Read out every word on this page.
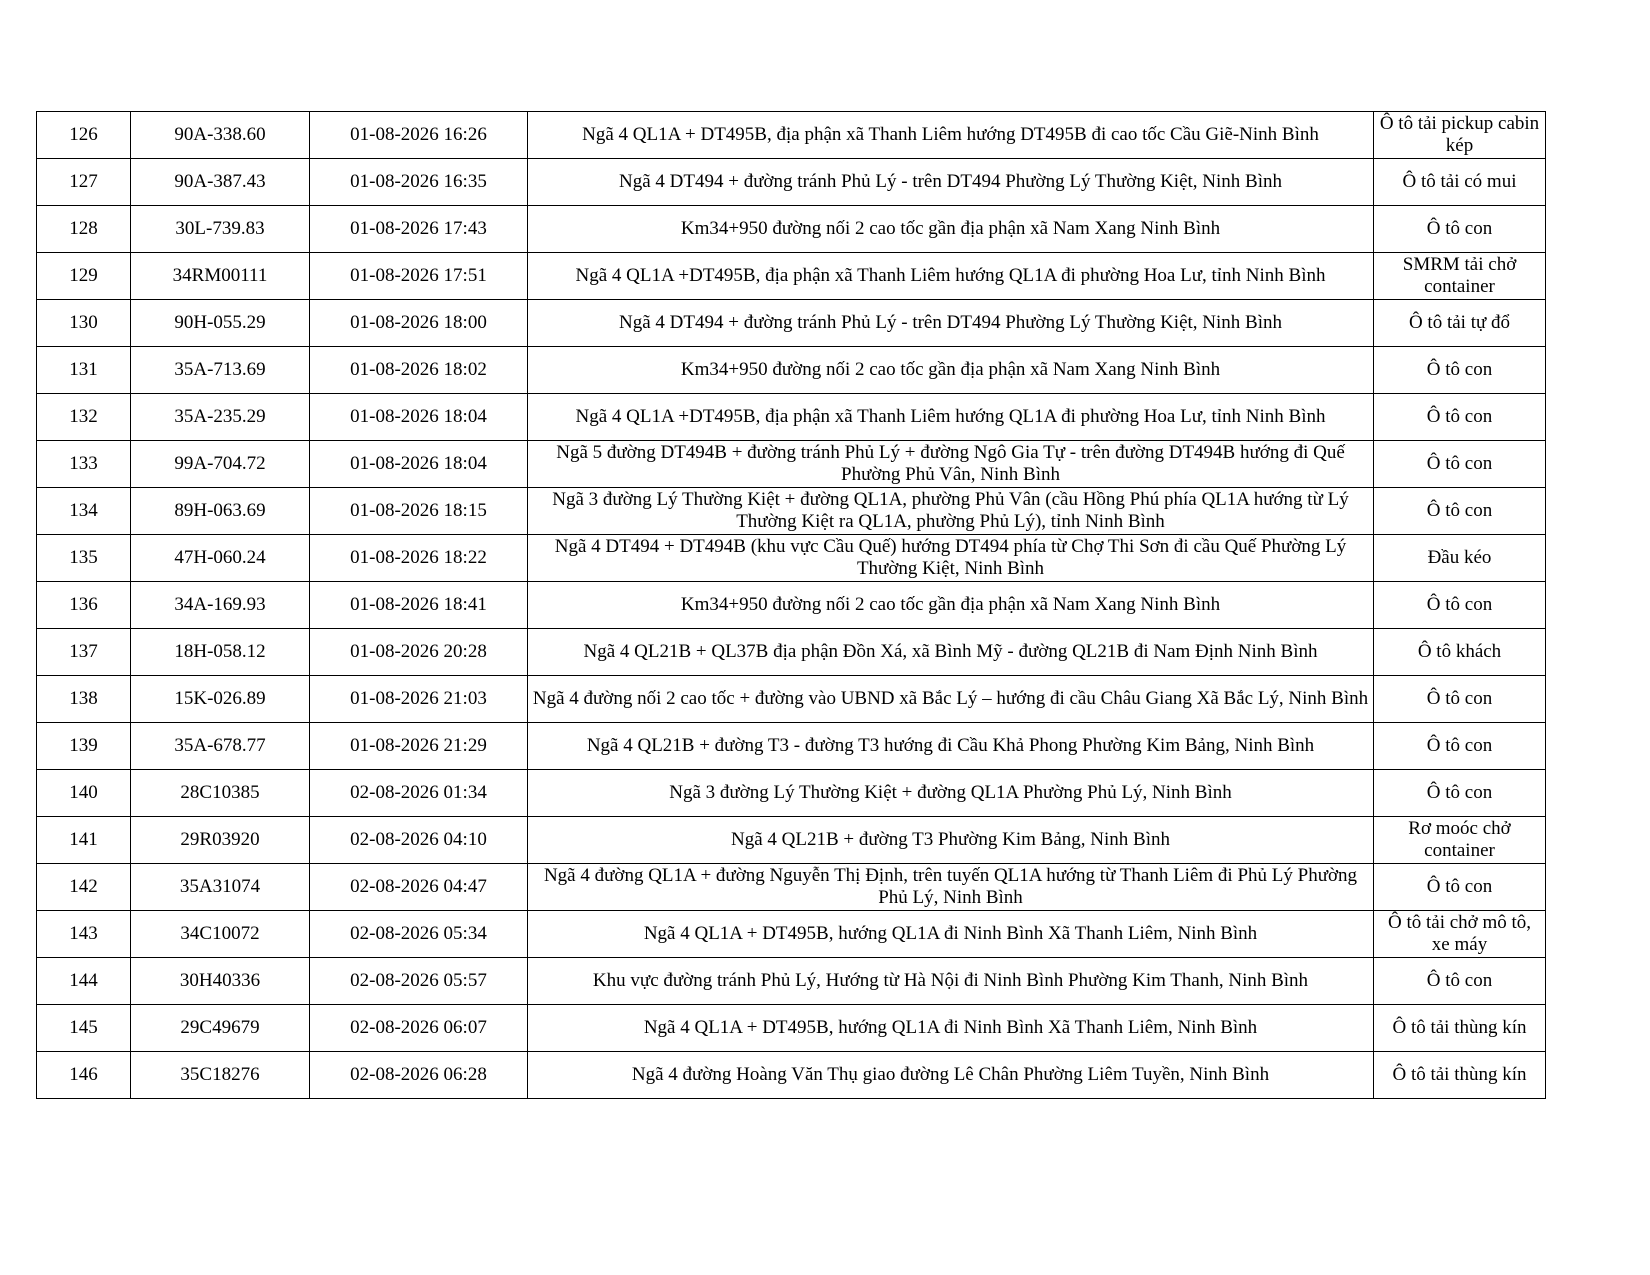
126	90A-338.60	01-08-2026 16:26	Ngã 4 QL1A + DT495B, địa phận xã Thanh Liêm hướng DT495B đi cao tốc Cầu Giẽ-Ninh Bình	Ô tô tải pickup cabin kép
127	90A-387.43	01-08-2026 16:35	Ngã 4 DT494 + đường tránh Phủ Lý - trên DT494 Phường Lý Thường Kiệt, Ninh Bình	Ô tô tải có mui
128	30L-739.83	01-08-2026 17:43	Km34+950 đường nối 2 cao tốc gần địa phận xã Nam Xang Ninh Bình	Ô tô con
129	34RM00111	01-08-2026 17:51	Ngã 4 QL1A +DT495B, địa phận xã Thanh Liêm hướng QL1A đi phường Hoa Lư, tỉnh Ninh Bình	SMRM tải chở container
130	90H-055.29	01-08-2026 18:00	Ngã 4 DT494 + đường tránh Phủ Lý - trên DT494 Phường Lý Thường Kiệt, Ninh Bình	Ô tô tải tự đổ
131	35A-713.69	01-08-2026 18:02	Km34+950 đường nối 2 cao tốc gần địa phận xã Nam Xang Ninh Bình	Ô tô con
132	35A-235.29	01-08-2026 18:04	Ngã 4 QL1A +DT495B, địa phận xã Thanh Liêm hướng QL1A đi phường Hoa Lư, tỉnh Ninh Bình	Ô tô con
133	99A-704.72	01-08-2026 18:04	Ngã 5 đường DT494B + đường tránh Phủ Lý + đường Ngô Gia Tự - trên đường DT494B hướng đi Quế Phường Phủ Vân, Ninh Bình	Ô tô con
134	89H-063.69	01-08-2026 18:15	Ngã 3 đường Lý Thường Kiệt + đường QL1A, phường Phủ Vân (cầu Hồng Phú phía QL1A hướng từ Lý Thường Kiệt ra QL1A, phường Phủ Lý), tỉnh Ninh Bình	Ô tô con
135	47H-060.24	01-08-2026 18:22	Ngã 4 DT494 + DT494B (khu vực Cầu Quế) hướng DT494 phía từ Chợ Thi Sơn đi cầu Quế Phường Lý Thường Kiệt, Ninh Bình	Đầu kéo
136	34A-169.93	01-08-2026 18:41	Km34+950 đường nối 2 cao tốc gần địa phận xã Nam Xang Ninh Bình	Ô tô con
137	18H-058.12	01-08-2026 20:28	Ngã 4 QL21B + QL37B địa phận Đồn Xá, xã Bình Mỹ - đường QL21B đi Nam Định Ninh Bình	Ô tô khách
138	15K-026.89	01-08-2026 21:03	Ngã 4 đường nối 2 cao tốc + đường vào UBND xã Bắc Lý – hướng đi cầu Châu Giang Xã Bắc Lý, Ninh Bình	Ô tô con
139	35A-678.77	01-08-2026 21:29	Ngã 4 QL21B + đường T3 - đường T3 hướng đi Cầu Khả Phong Phường Kim Bảng, Ninh Bình	Ô tô con
140	28C10385	02-08-2026 01:34	Ngã 3 đường Lý Thường Kiệt + đường QL1A Phường Phủ Lý, Ninh Bình	Ô tô con
141	29R03920	02-08-2026 04:10	Ngã 4 QL21B + đường T3 Phường Kim Bảng, Ninh Bình	Rơ moóc chở container
142	35A31074	02-08-2026 04:47	Ngã 4 đường QL1A + đường Nguyễn Thị Định, trên tuyến QL1A hướng từ Thanh Liêm đi Phủ Lý Phường Phủ Lý, Ninh Bình	Ô tô con
143	34C10072	02-08-2026 05:34	Ngã 4 QL1A + DT495B, hướng QL1A đi Ninh Bình Xã Thanh Liêm, Ninh Bình	Ô tô tải chở mô tô, xe máy
144	30H40336	02-08-2026 05:57	Khu vực đường tránh Phủ Lý, Hướng từ Hà Nội đi Ninh Bình Phường Kim Thanh, Ninh Bình	Ô tô con
145	29C49679	02-08-2026 06:07	Ngã 4 QL1A + DT495B, hướng QL1A đi Ninh Bình Xã Thanh Liêm, Ninh Bình	Ô tô tải thùng kín
146	35C18276	02-08-2026 06:28	Ngã 4 đường Hoàng Văn Thụ giao đường Lê Chân Phường Liêm Tuyền, Ninh Bình	Ô tô tải thùng kín
